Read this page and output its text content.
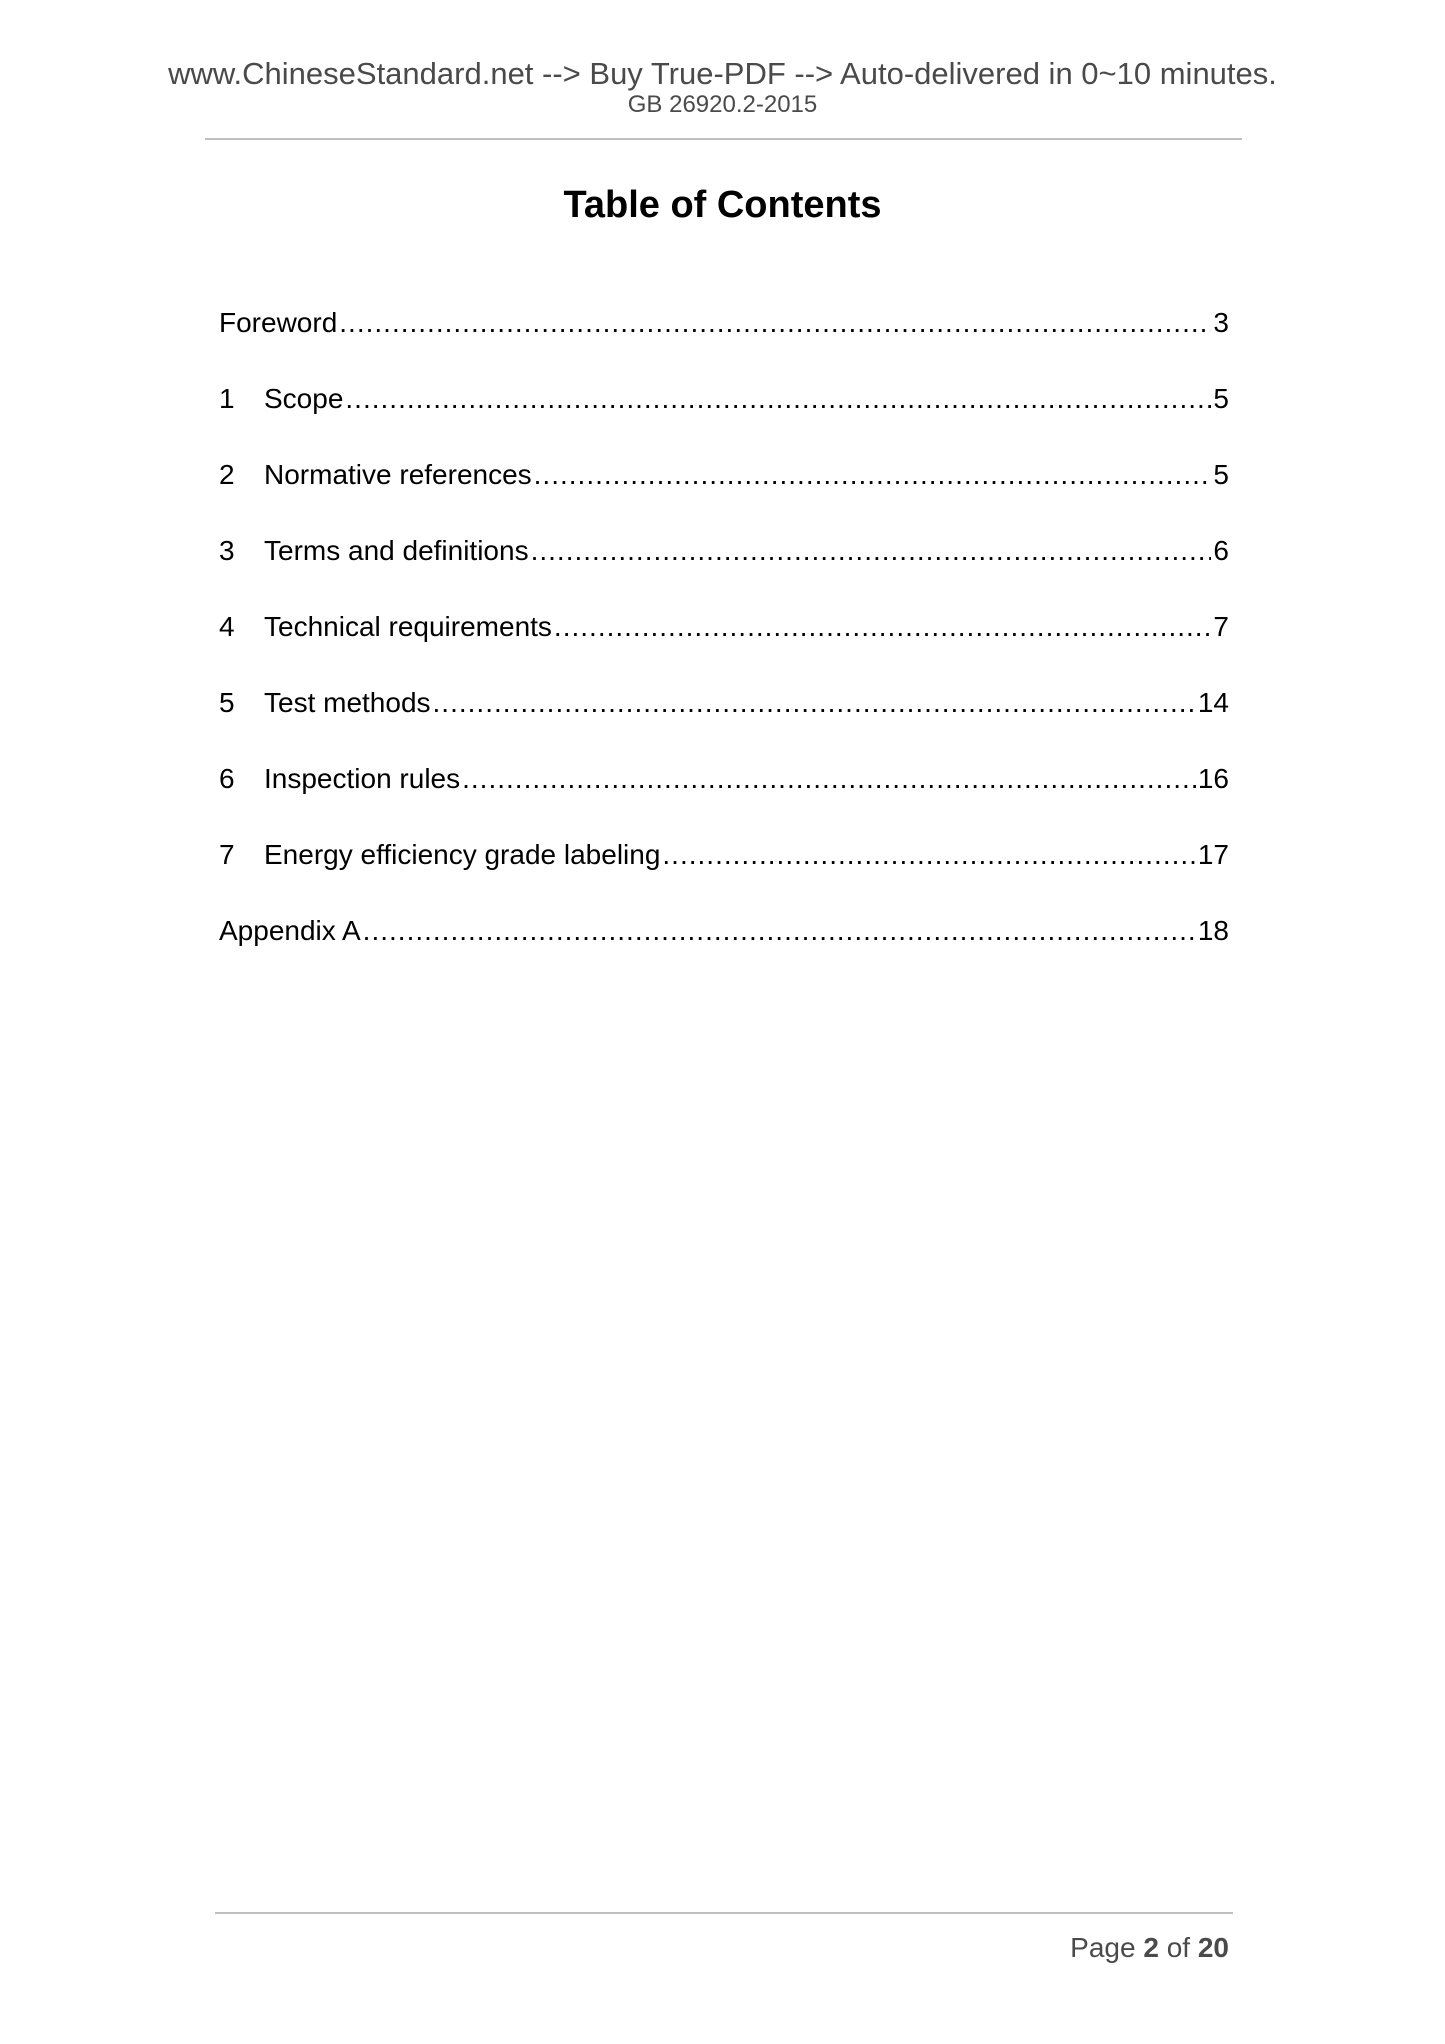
www.ChineseStandard.net --> Buy True-PDF --> Auto-delivered in 0~10 minutes.
GB 26920.2-2015
Table of Contents
Foreword .....	3
1	Scope .....	5
2	Normative references .....	5
3	Terms and definitions .....	6
4	Technical requirements .....	7
5	Test methods .....	14
6	Inspection rules .....	16
7	Energy efficiency grade labeling .....	17
Appendix A .....	18
Page 2 of 20
